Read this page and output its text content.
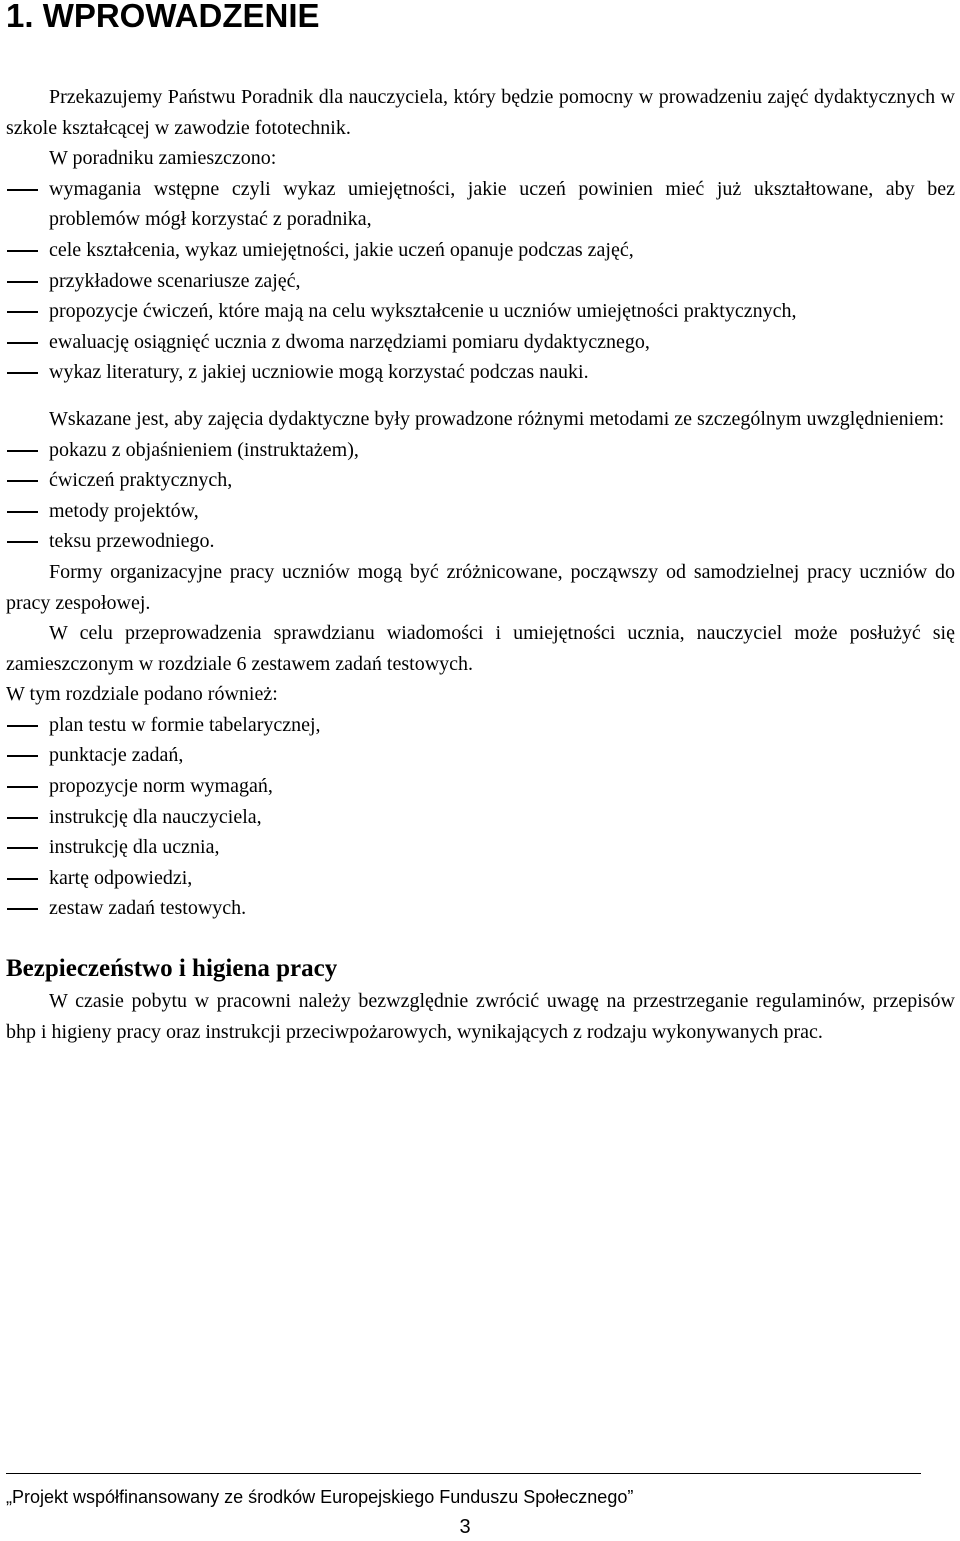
1. WPROWADZENIE

Przekazujemy Państwu Poradnik dla nauczyciela, który będzie pomocny w prowadzeniu zajęć dydaktycznych w szkole kształcącej w zawodzie fototechnik.

W poradniku zamieszczono:

wymagania wstępne czyli wykaz umiejętności, jakie uczeń powinien mieć już ukształtowane, aby bez problemów mógł korzystać z poradnika,
cele kształcenia, wykaz umiejętności, jakie uczeń opanuje podczas zajęć,
przykładowe scenariusze zajęć,
propozycje ćwiczeń, które mają na celu wykształcenie u uczniów umiejętności praktycznych,
ewaluację osiągnięć ucznia z dwoma narzędziami pomiaru dydaktycznego,
wykaz literatury, z jakiej uczniowie mogą korzystać podczas nauki.

Wskazane jest, aby zajęcia dydaktyczne były prowadzone różnymi metodami ze szczególnym uwzględnieniem:

pokazu z objaśnieniem (instruktażem),
ćwiczeń praktycznych,
metody projektów,
teksu przewodniego.

Formy organizacyjne pracy uczniów mogą być zróżnicowane, począwszy od samodzielnej pracy uczniów do pracy zespołowej.

W celu przeprowadzenia sprawdzianu wiadomości i umiejętności ucznia, nauczyciel może posłużyć się zamieszczonym w rozdziale 6 zestawem zadań testowych.

W tym rozdziale podano również:

plan testu w formie tabelarycznej,
punktacje zadań,
propozycje norm wymagań,
instrukcję dla nauczyciela,
instrukcję dla ucznia,
kartę odpowiedzi,
zestaw zadań testowych.
Bezpieczeństwo i higiena pracy

W czasie pobytu w pracowni należy bezwzględnie zwrócić uwagę na przestrzeganie regulaminów, przepisów bhp i higieny pracy oraz instrukcji przeciwpożarowych, wynikających z rodzaju wykonywanych prac.

„Projekt współfinansowany ze środków Europejskiego Funduszu Społecznego”
3
